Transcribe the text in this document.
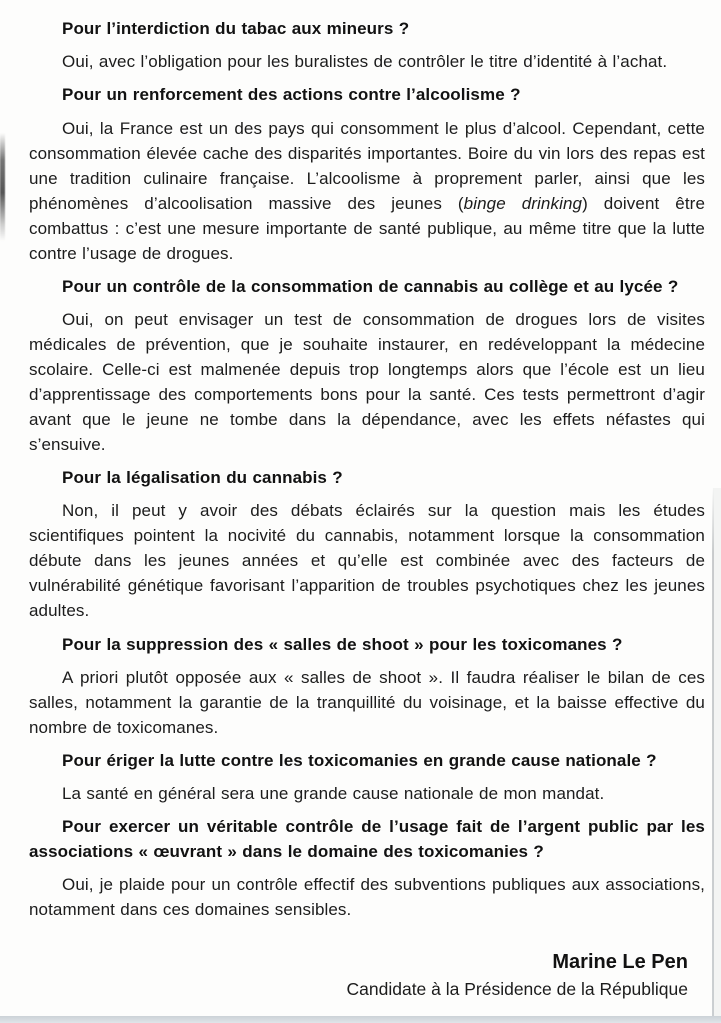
Pour l’interdiction du tabac aux mineurs ?

Oui, avec l’obligation pour les buralistes de contrôler le titre d’identité à l’achat.

Pour un renforcement des actions contre l’alcoolisme ?

Oui, la France est un des pays qui consomment le plus d’alcool. Cependant, cette consommation élevée cache des disparités importantes. Boire du vin lors des repas est une tradition culinaire française. L’alcoolisme à proprement parler, ainsi que les phénomènes d’alcoolisation massive des jeunes (binge drinking) doivent être combattus : c’est une mesure importante de santé publique, au même titre que la lutte contre l’usage de drogues.

Pour un contrôle de la consommation de cannabis au collège et au lycée ?

Oui, on peut envisager un test de consommation de drogues lors de visites médicales de prévention, que je souhaite instaurer, en redéveloppant la médecine scolaire. Celle-ci est malmenée depuis trop longtemps alors que l’école est un lieu d’apprentissage des comportements bons pour la santé. Ces tests permettront d’agir avant que le jeune ne tombe dans la dépendance, avec les effets néfastes qui s’ensuive.

Pour la légalisation du cannabis ?

Non, il peut y avoir des débats éclairés sur la question mais les études scientifiques pointent la nocivité du cannabis, notamment lorsque la consommation débute dans les jeunes années et qu’elle est combinée avec des facteurs de vulnérabilité génétique favorisant l’apparition de troubles psychotiques chez les jeunes adultes.

Pour la suppression des « salles de shoot » pour les toxicomanes ?

A priori plutôt opposée aux « salles de shoot ». Il faudra réaliser le bilan de ces salles, notamment la garantie de la tranquillité du voisinage, et la baisse effective du nombre de toxicomanes.

Pour ériger la lutte contre les toxicomanies en grande cause nationale ?

La santé en général sera une grande cause nationale de mon mandat.

Pour exercer un véritable contrôle de l’usage fait de l’argent public par les associations « œuvrant » dans le domaine des toxicomanies ?

Oui, je plaide pour un contrôle effectif des subventions publiques aux associations, notamment dans ces domaines sensibles.

Marine Le Pen

Candidate à la Présidence de la République
